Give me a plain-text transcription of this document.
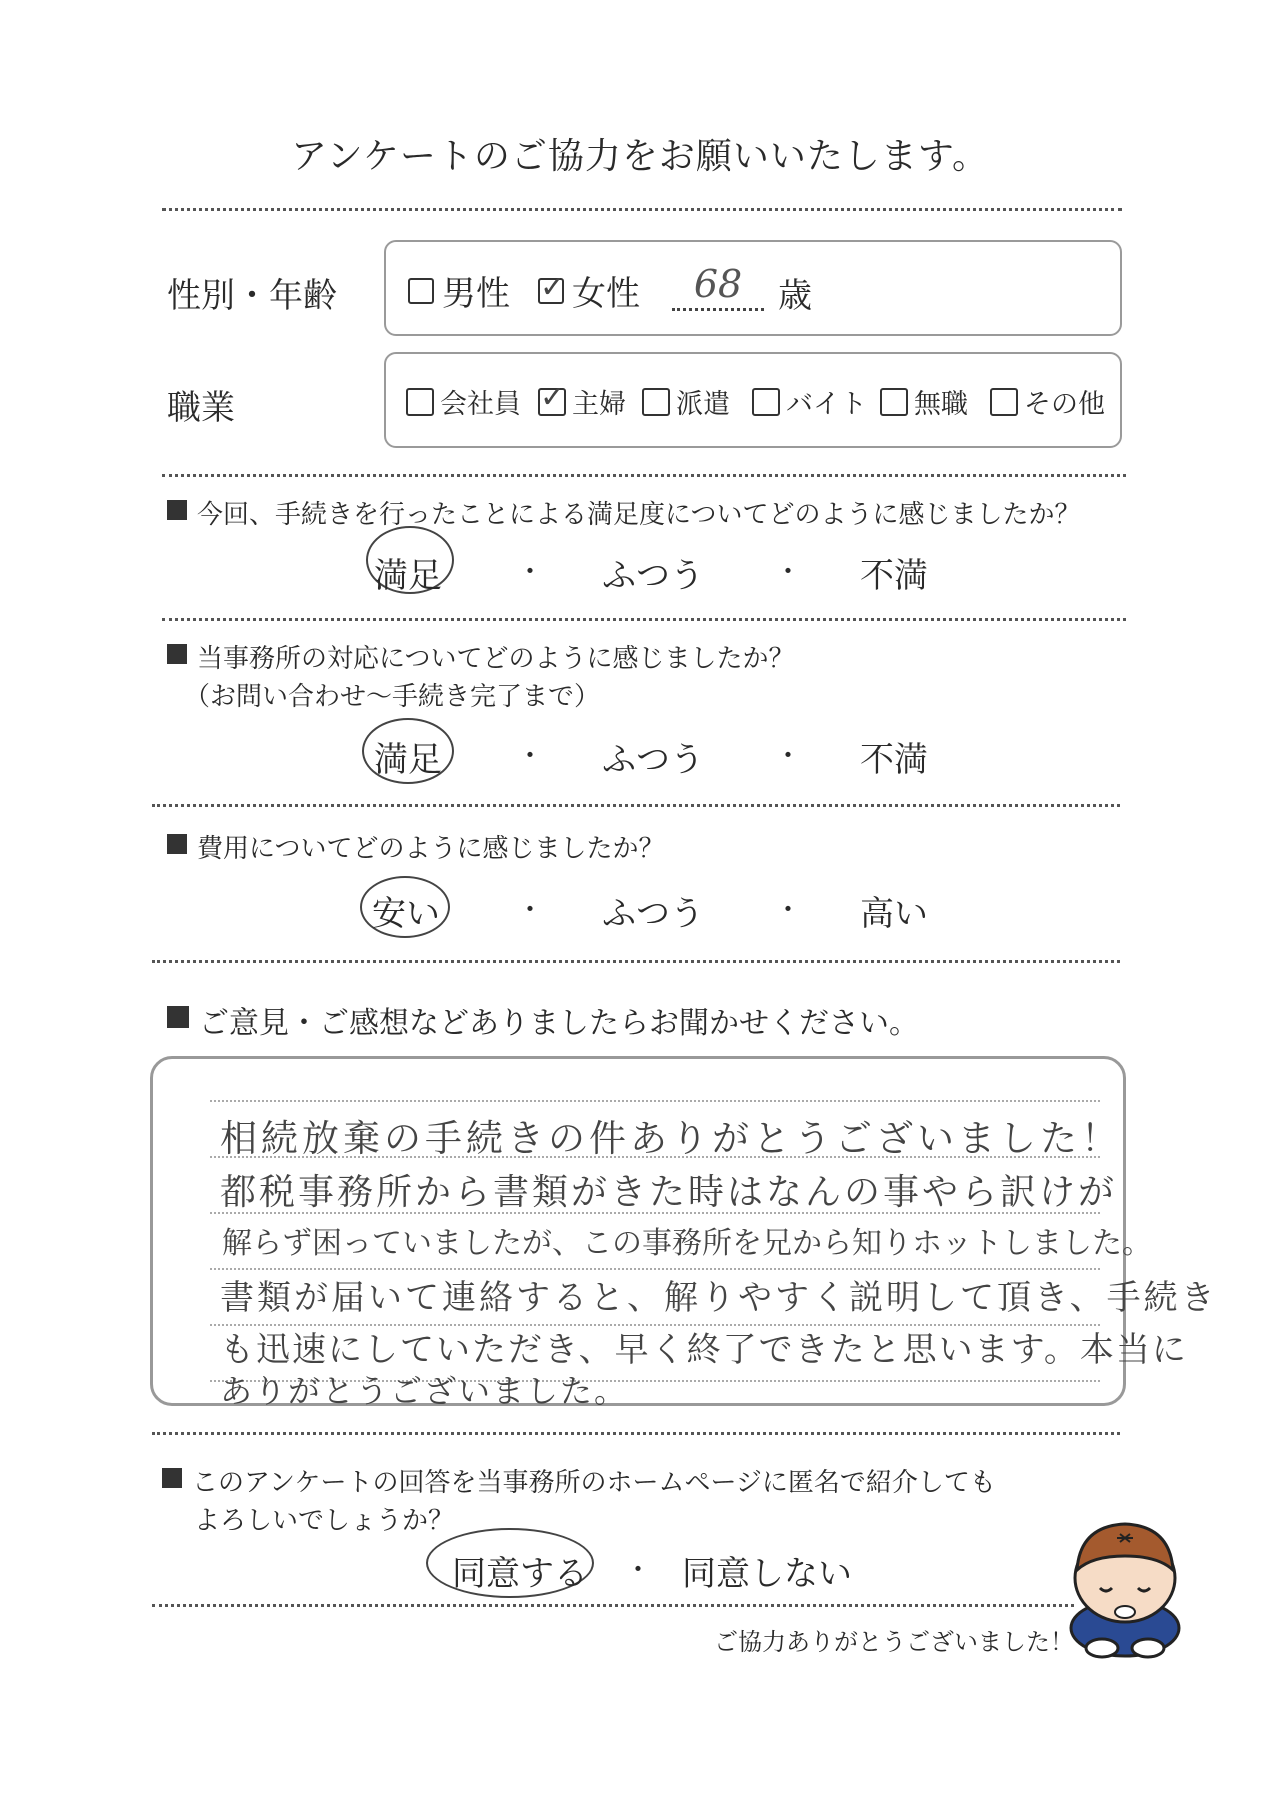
アンケートのご協力をお願いいたします。
性別・年齢	男性 ✓ 女性	68	歳
職業	会社員 ✓ 主婦 派遣 バイト 無職 その他
今回、手続きを行ったことによる満足度についてどのように感じましたか？
満足	・ ふつう	・ 不満
当事務所の対応についてどのように感じましたか？
（お問い合わせ〜手続き完了まで）
満足	・ ふつう	・ 不満
費用についてどのように感じましたか？
安い	・ ふつう	・ 高い
ご意見・ご感想などありましたらお聞かせください。
相続放棄の手続きの件ありがとうございました！
都税事務所から書類がきた時はなんの事やら訳けが
解らず困っていましたが、この事務所を兄から知りホットしました。
書類が届いて連絡すると、解りやすく説明して頂き、手続き
も迅速にしていただき、早く終了できたと思います。本当に
ありがとうございました。
このアンケートの回答を当事務所のホームページに匿名で紹介しても
よろしいでしょうか？
同意する ・ 同意しない
ご協力ありがとうございました！
